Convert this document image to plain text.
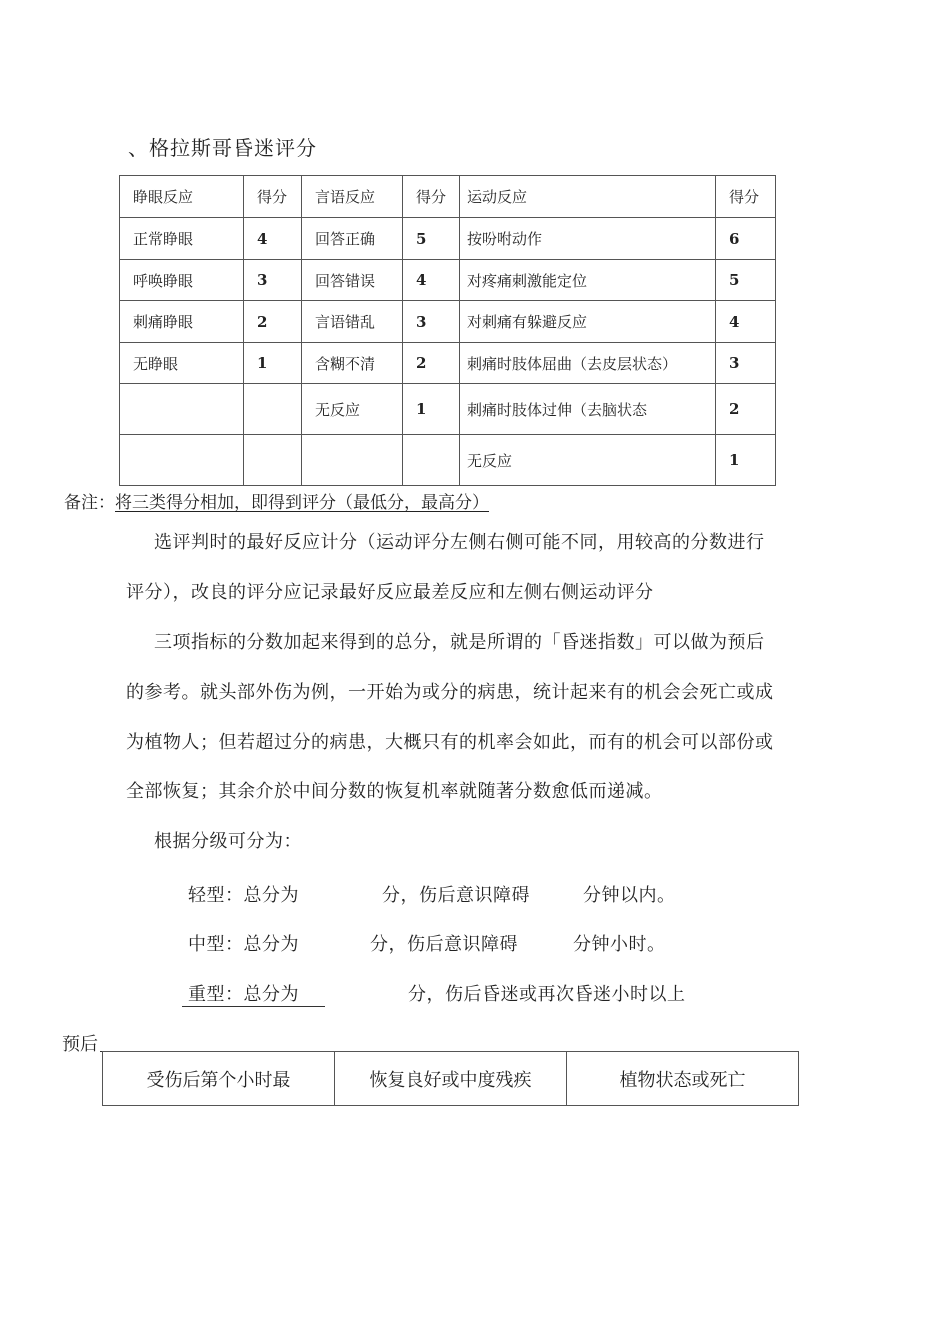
、格拉斯哥昏迷评分
睁眼反应	得分	言语反应	得分	运动反应	得分
正常睁眼	4	回答正确	5	按吩咐动作	6
呼唤睁眼	3	回答错误	4	对疼痛刺激能定位	5
刺痛睁眼	2	言语错乱	3	对刺痛有躲避反应	4
无睁眼	1	含糊不清	2	刺痛时肢体屈曲（去皮层状态）	3
		无反应	1	刺痛时肢体过伸（去脑状态	2
				无反应	1
备注：将三类得分相加，即得到评分（最低分，最高分）
选评判时的最好反应计分（运动评分左侧右侧可能不同，用较高的分数进行
评分），改良的评分应记录最好反应最差反应和左侧右侧运动评分
三项指标的分数加起来得到的总分，就是所谓的「昏迷指数」可以做为预后
的参考。就头部外伤为例，一开始为或分的病患，统计起来有的机会会死亡或成
为植物人；但若超过分的病患，大概只有的机率会如此，而有的机会可以部份或
全部恢复；其余介於中间分数的恢复机率就随著分数愈低而递减。
根据分级可分为：
轻型：总分为	分，伤后意识障碍	分钟以内。
中型：总分为	分，伤后意识障碍	分钟小时。
重型：总分为	分，伤后昏迷或再次昏迷小时以上
预后
受伤后第个小时最	恢复良好或中度残疾	植物状态或死亡
